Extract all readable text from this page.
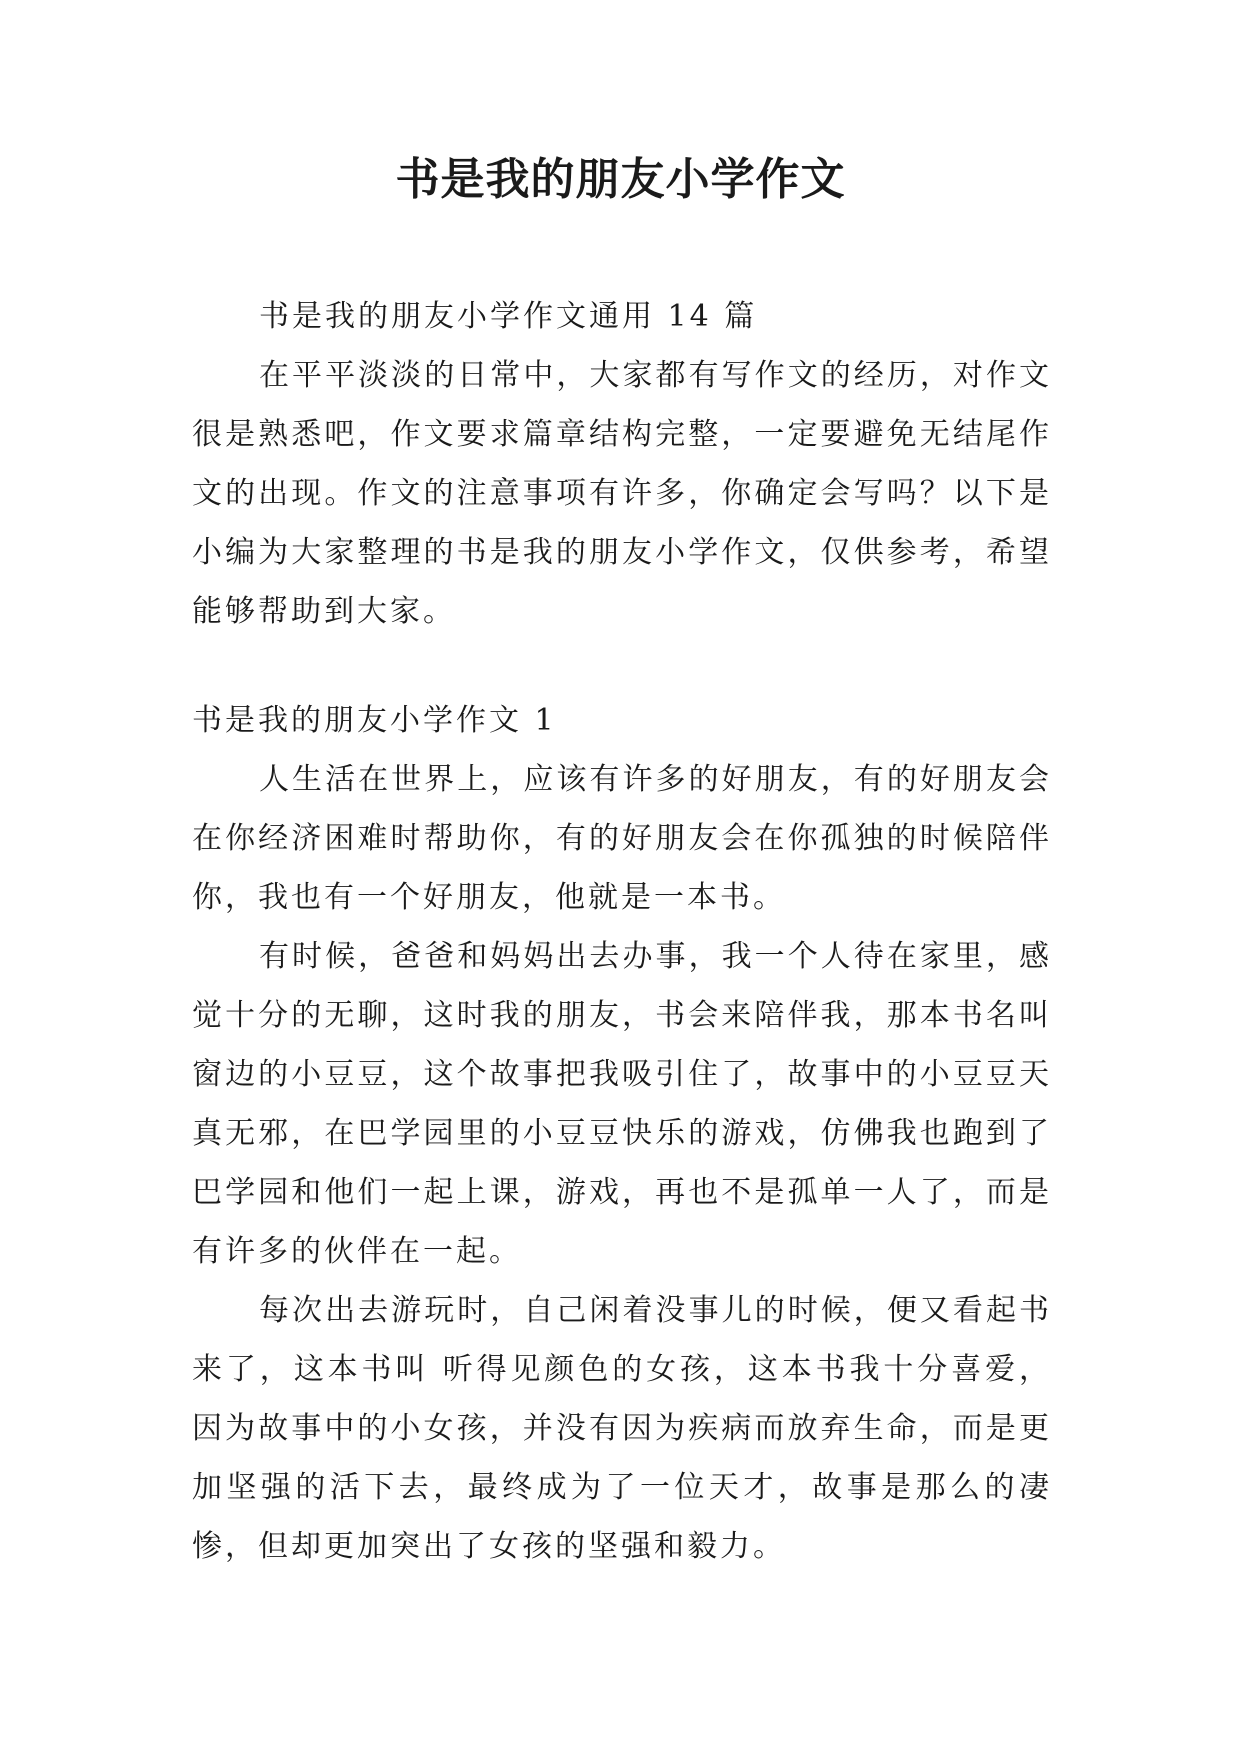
书是我的朋友小学作文

书是我的朋友小学作文通用 14 篇

在平平淡淡的日常中，大家都有写作文的经历，对作文很是熟悉吧，作文要求篇章结构完整，一定要避免无结尾作文的出现。作文的注意事项有许多，你确定会写吗？以下是小编为大家整理的书是我的朋友小学作文，仅供参考，希望能够帮助到大家。

书是我的朋友小学作文 1

人生活在世界上，应该有许多的好朋友，有的好朋友会在你经济困难时帮助你，有的好朋友会在你孤独的时候陪伴你，我也有一个好朋友，他就是一本书。

有时候，爸爸和妈妈出去办事，我一个人待在家里，感觉十分的无聊，这时我的朋友，书会来陪伴我，那本书名叫窗边的小豆豆，这个故事把我吸引住了，故事中的小豆豆天真无邪，在巴学园里的小豆豆快乐的游戏，仿佛我也跑到了巴学园和他们一起上课，游戏，再也不是孤单一人了，而是有许多的伙伴在一起。

每次出去游玩时，自己闲着没事儿的时候，便又看起书来了，这本书叫 听得见颜色的女孩，这本书我十分喜爱，因为故事中的小女孩，并没有因为疾病而放弃生命，而是更加坚强的活下去，最终成为了一位天才，故事是那么的凄惨，但却更加突出了女孩的坚强和毅力。
